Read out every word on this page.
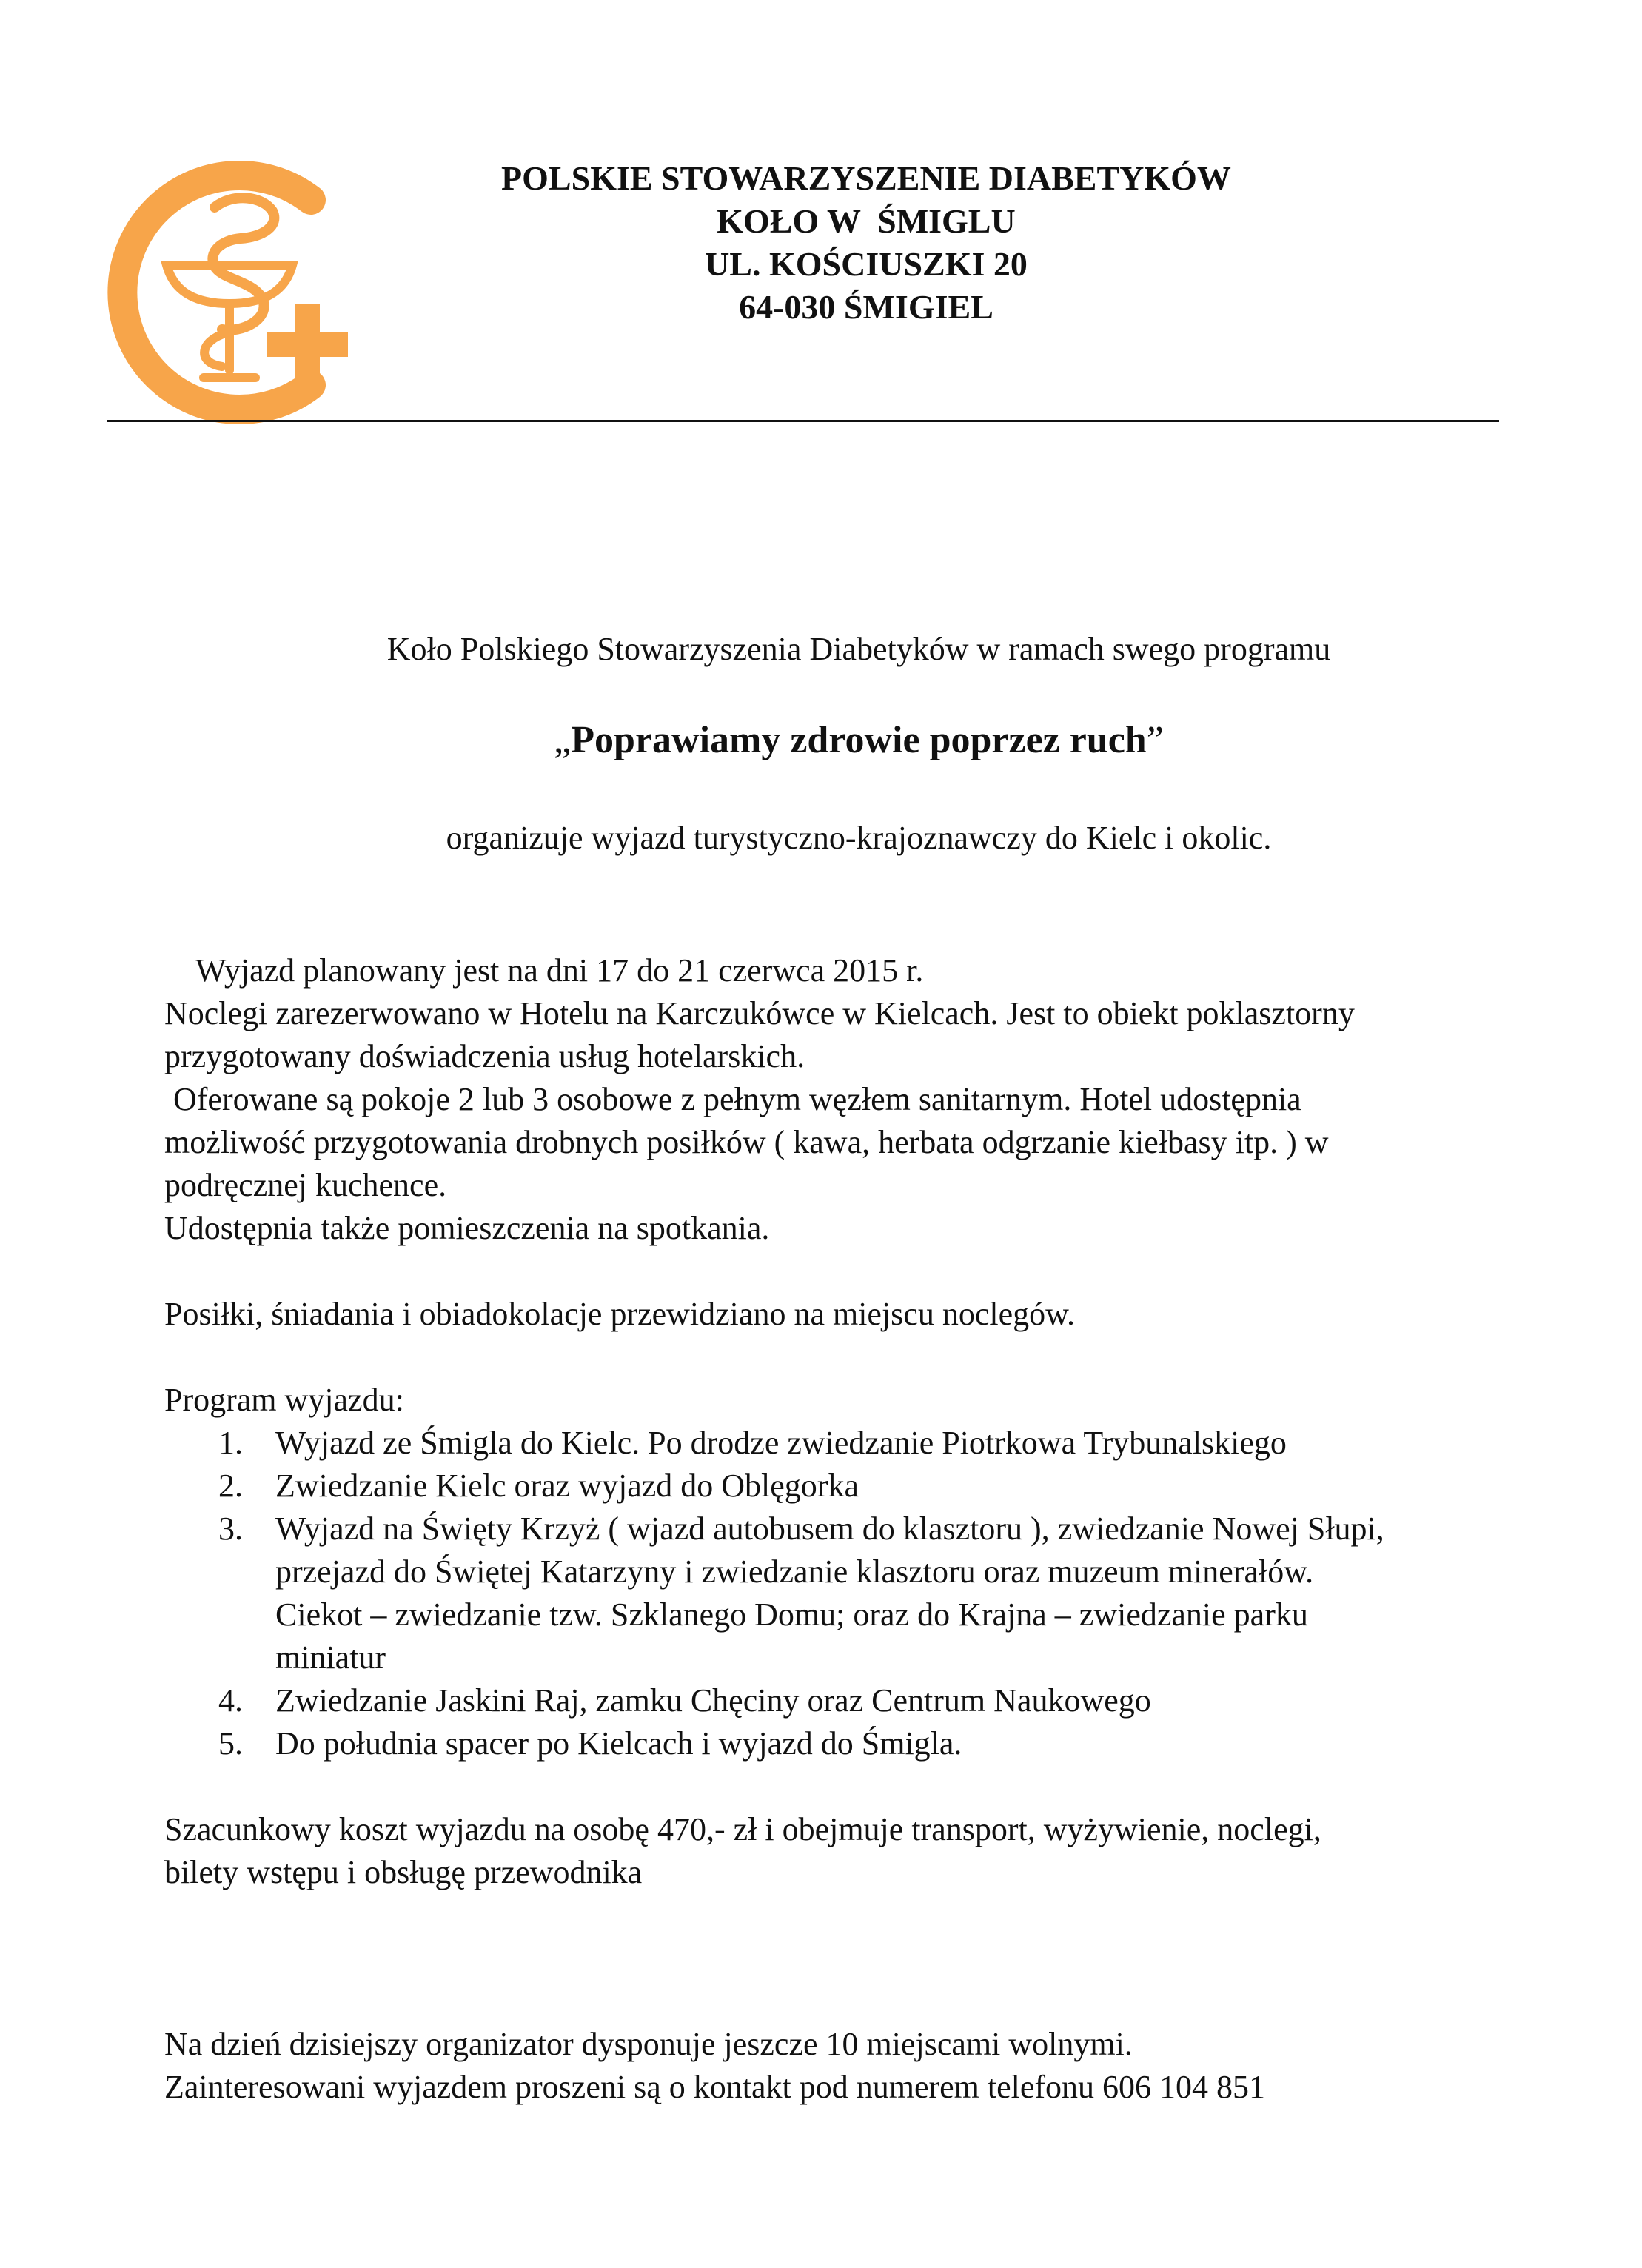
POLSKIE STOWARZYSZENIE DIABETYKÓW
KOŁO W  ŚMIGLU
UL. KOŚCIUSZKI 20
64-030 ŚMIGIEL
Koło Polskiego Stowarzyszenia Diabetyków w ramach swego programu
„Poprawiamy zdrowie poprzez ruch”
organizuje wyjazd turystyczno-krajoznawczy do Kielc i okolic.

Wyjazd planowany jest na dni 17 do 21 czerwca 2015 r.

Noclegi zarezerwowano w Hotelu na Karczukówce w Kielcach. Jest to obiekt poklasztorny

przygotowany doświadczenia usług hotelarskich.

Oferowane są pokoje 2 lub 3 osobowe z pełnym węzłem sanitarnym. Hotel udostępnia

możliwość przygotowania drobnych posiłków ( kawa, herbata odgrzanie kiełbasy itp. ) w

podręcznej kuchence.

Udostępnia także pomieszczenia na spotkania.

Posiłki, śniadania i obiadokolacje przewidziano na miejscu noclegów.

Program wyjazdu:

1. Wyjazd ze Śmigla do Kielc. Po drodze zwiedzanie Piotrkowa Trybunalskiego
2. Zwiedzanie Kielc oraz wyjazd do Oblęgorka
3. Wyjazd na Święty Krzyż ( wjazd autobusem do klasztoru ), zwiedzanie Nowej Słupi,
przejazd do Świętej Katarzyny i zwiedzanie klasztoru oraz muzeum minerałów.
Ciekot – zwiedzanie tzw. Szklanego Domu; oraz do Krajna – zwiedzanie parku
miniatur
4. Zwiedzanie Jaskini Raj, zamku Chęciny oraz Centrum Naukowego
5. Do południa spacer po Kielcach i wyjazd do Śmigla.

Szacunkowy koszt wyjazdu na osobę 470,- zł i obejmuje transport, wyżywienie, noclegi,

bilety wstępu i obsługę przewodnika

Na dzień dzisiejszy organizator dysponuje jeszcze 10 miejscami wolnymi.

Zainteresowani wyjazdem proszeni są o kontakt pod numerem telefonu 606 104 851
